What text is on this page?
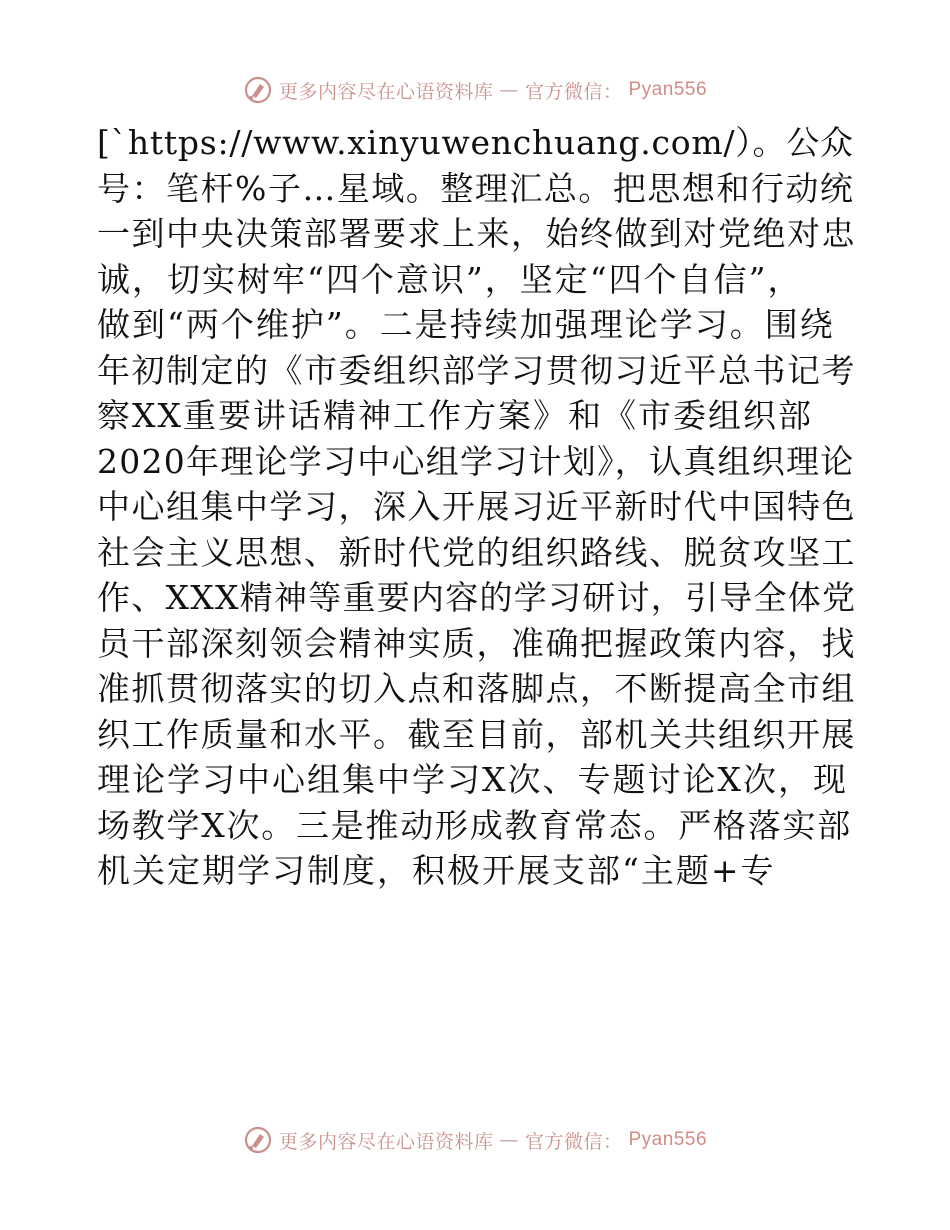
更多内容尽在心语资料库 — 官方微信： Pyan556
[`https://www.xinyuwenchuang.com/）。公众
号：笔杆%子…星域。整理汇总。把思想和行动统
一到中央决策部署要求上来，始终做到对党绝对忠
诚，切实树牢“四个意识”，坚定“四个自信”，
做到“两个维护”。二是持续加强理论学习。围绕
年初制定的《市委组织部学习贯彻习近平总书记考
察XX重要讲话精神工作方案》和《市委组织部
2020年理论学习中心组学习计划》，认真组织理论
中心组集中学习，深入开展习近平新时代中国特色
社会主义思想、新时代党的组织路线、脱贫攻坚工
作、XXX精神等重要内容的学习研讨，引导全体党
员干部深刻领会精神实质，准确把握政策内容，找
准抓贯彻落实的切入点和落脚点，不断提高全市组
织工作质量和水平。截至目前，部机关共组织开展
理论学习中心组集中学习X次、专题讨论X次，现
场教学X次。三是推动形成教育常态。严格落实部
机关定期学习制度，积极开展支部“主题+专
更多内容尽在心语资料库 — 官方微信： Pyan556
